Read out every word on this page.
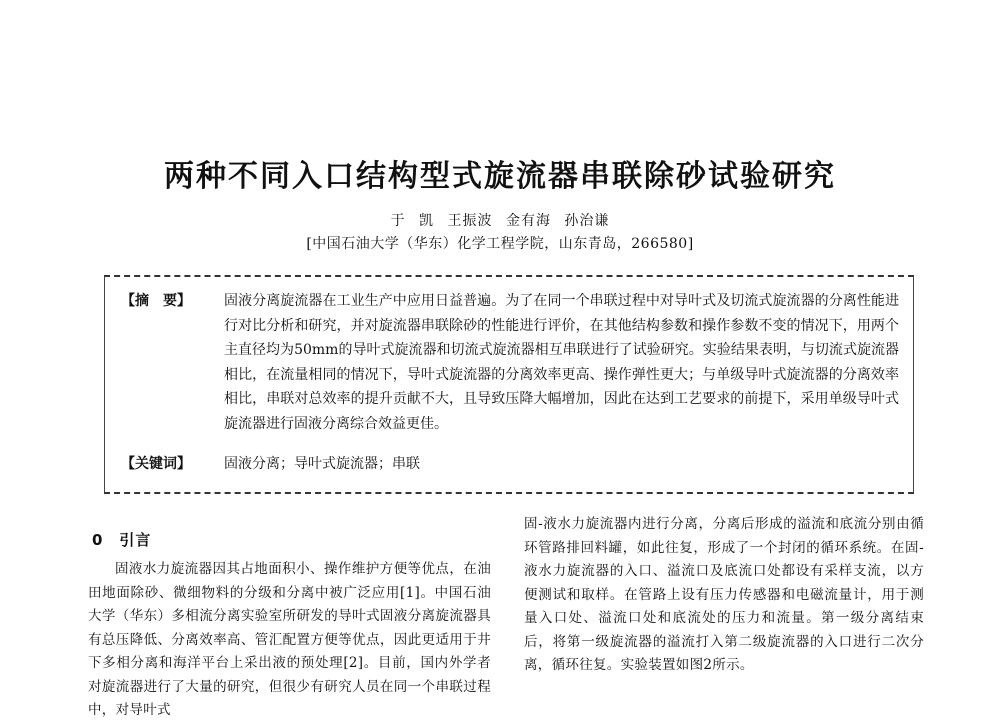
两种不同入口结构型式旋流器串联除砂试验研究
于 凯 王振波 金有海 孙治谦
[中国石油大学（华东）化学工程学院，山东青岛，266580]
【摘　要】 固液分离旋流器在工业生产中应用日益普遍。为了在同一个串联过程中对导叶式及切流式旋流器的分离性能进行对比分析和研究，并对旋流器串联除砂的性能进行评价，在其他结构参数和操作参数不变的情况下，用两个主直径均为50mm的导叶式旋流器和切流式旋流器相互串联进行了试验研究。实验结果表明，与切流式旋流器相比，在流量相同的情况下，导叶式旋流器的分离效率更高、操作弹性更大；与单级导叶式旋流器的分离效率相比，串联对总效率的提升贡献不大，且导致压降大幅增加，因此在达到工艺要求的前提下，采用单级导叶式旋流器进行固液分离综合效益更佳。
【关键词】 固液分离；导叶式旋流器；串联
0　引言
固液水力旋流器因其占地面积小、操作维护方便等优点，在油田地面除砂、微细物料的分级和分离中被广泛应用[1]。中国石油大学（华东）多相流分离实验室所研发的导叶式固液分离旋流器具有总压降低、分离效率高、管汇配置方便等优点，因此更适用于井下多相分离和海洋平台上采出液的预处理[2]。目前，国内外学者对旋流器进行了大量的研究，但很少有研究人员在同一个串联过程中，对导叶式
固-液水力旋流器内进行分离，分离后形成的溢流和底流分别由循环管路排回料罐，如此往复，形成了一个封闭的循环系统。在固-液水力旋流器的入口、溢流口及底流口处都设有采样支流，以方便测试和取样。在管路上设有压力传感器和电磁流量计，用于测量入口处、溢流口处和底流处的压力和流量。第一级分离结束后，将第一级旋流器的溢流打入第二级旋流器的入口进行二次分离，循环往复。实验装置如图2所示。
